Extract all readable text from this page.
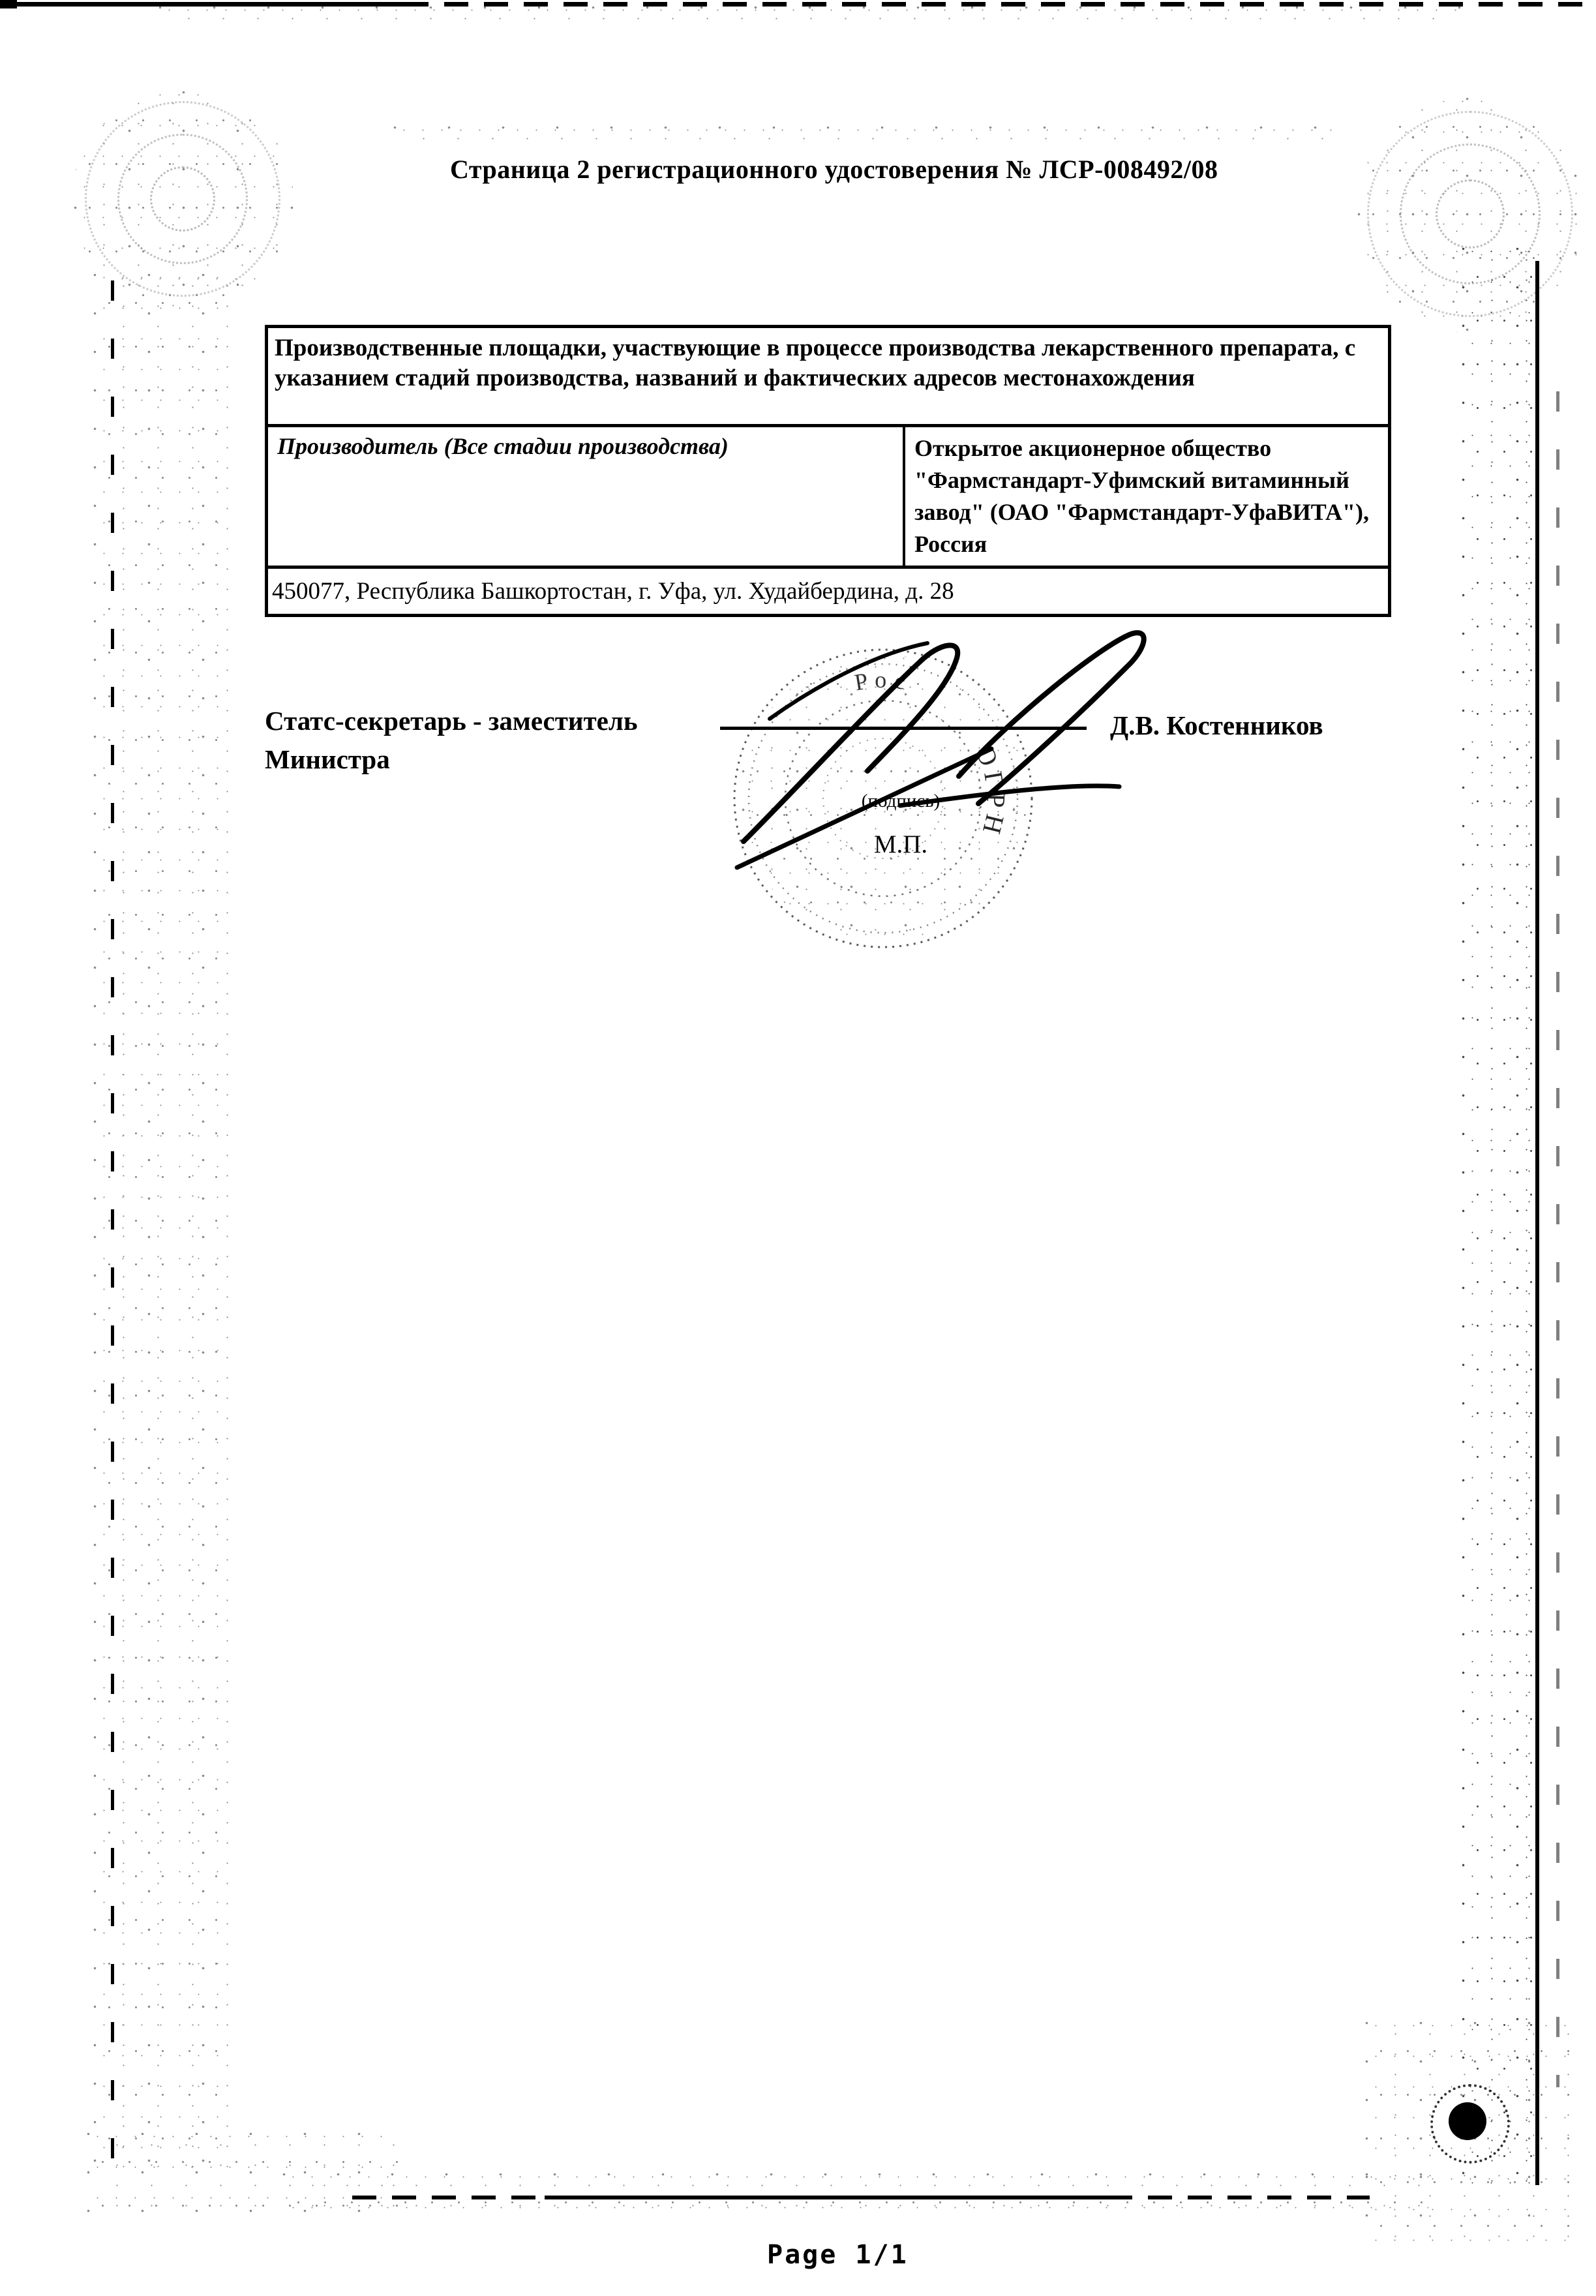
Страница 2 регистрационного удостоверения № ЛСР-008492/08
Производственные площадки, участвующие в процессе производства лекарственного препарата, с указанием стадий производства, названий и фактических адресов местонахождения
Производитель (Все стадии производства)	Открытое акционерное общество "Фармстандарт-Уфимский витаминный завод" (ОАО "Фармстандарт-УфаВИТА"), Россия
450077, Республика Башкортостан, г. Уфа, ул. Худайбердина, д. 28
Рос
ОГРН
Статс-секретарь - заместитель
Министра
(подпись)
М.П.
Д.В. Костенников
Page 1/1
